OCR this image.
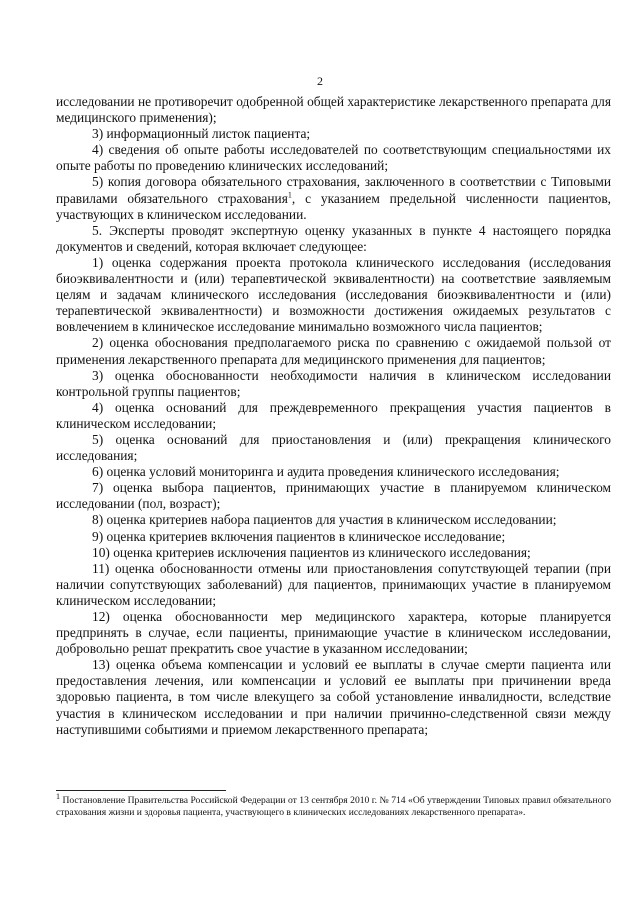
2

исследовании не противоречит одобренной общей характеристике лекарственного препарата для медицинского применения);

3) информационный листок пациента;

4) сведения об опыте работы исследователей по соответствующим специальностями их опыте работы по проведению клинических исследований;

5) копия договора обязательного страхования, заключенного в соответствии с Типовыми правилами обязательного страхования$^1$, с указанием предельной численности пациентов, участвующих в клиническом исследовании.

5. Эксперты проводят экспертную оценку указанных в пункте 4 настоящего порядка документов и сведений, которая включает следующее:

1) оценка содержания проекта протокола клинического исследования (исследования биоэквивалентности и (или) терапевтической эквивалентности) на соответствие заявляемым целям и задачам клинического исследования (исследования биоэквивалентности и (или) терапевтической эквивалентности) и возможности достижения ожидаемых результатов с вовлечением в клиническое исследование минимально возможного числа пациентов;

2) оценка обоснования предполагаемого риска по сравнению с ожидаемой пользой от применения лекарственного препарата для медицинского применения для пациентов;

3) оценка обоснованности необходимости наличия в клиническом исследовании контрольной группы пациентов;

4) оценка оснований для преждевременного прекращения участия пациентов в клиническом исследовании;

5) оценка оснований для приостановления и (или) прекращения клинического исследования;

6) оценка условий мониторинга и аудита проведения клинического исследования;

7) оценка выбора пациентов, принимающих участие в планируемом клиническом исследовании (пол, возраст);

8) оценка критериев набора пациентов для участия в клиническом исследовании;

9) оценка критериев включения пациентов в клиническое исследование;

10) оценка критериев исключения пациентов из клинического исследования;

11) оценка обоснованности отмены или приостановления сопутствующей терапии (при наличии сопутствующих заболеваний) для пациентов, принимающих участие в планируемом клиническом исследовании;

12) оценка обоснованности мер медицинского характера, которые планируется предпринять в случае, если пациенты, принимающие участие в клиническом исследовании, добровольно решат прекратить свое участие в указанном исследовании;

13) оценка объема компенсации и условий ее выплаты в случае смерти пациента или предоставления лечения, или компенсации и условий ее выплаты при причинении вреда здоровью пациента, в том числе влекущего за собой установление инвалидности, вследствие участия в клиническом исследовании и при наличии причинно-следственной связи между наступившими событиями и приемом лекарственного препарата;

$^1$ Постановление Правительства Российской Федерации от 13 сентября 2010 г. № 714 «Об утверждении Типовых правил обязательного страхования жизни и здоровья пациента, участвующего в клинических исследованиях лекарственного препарата».
